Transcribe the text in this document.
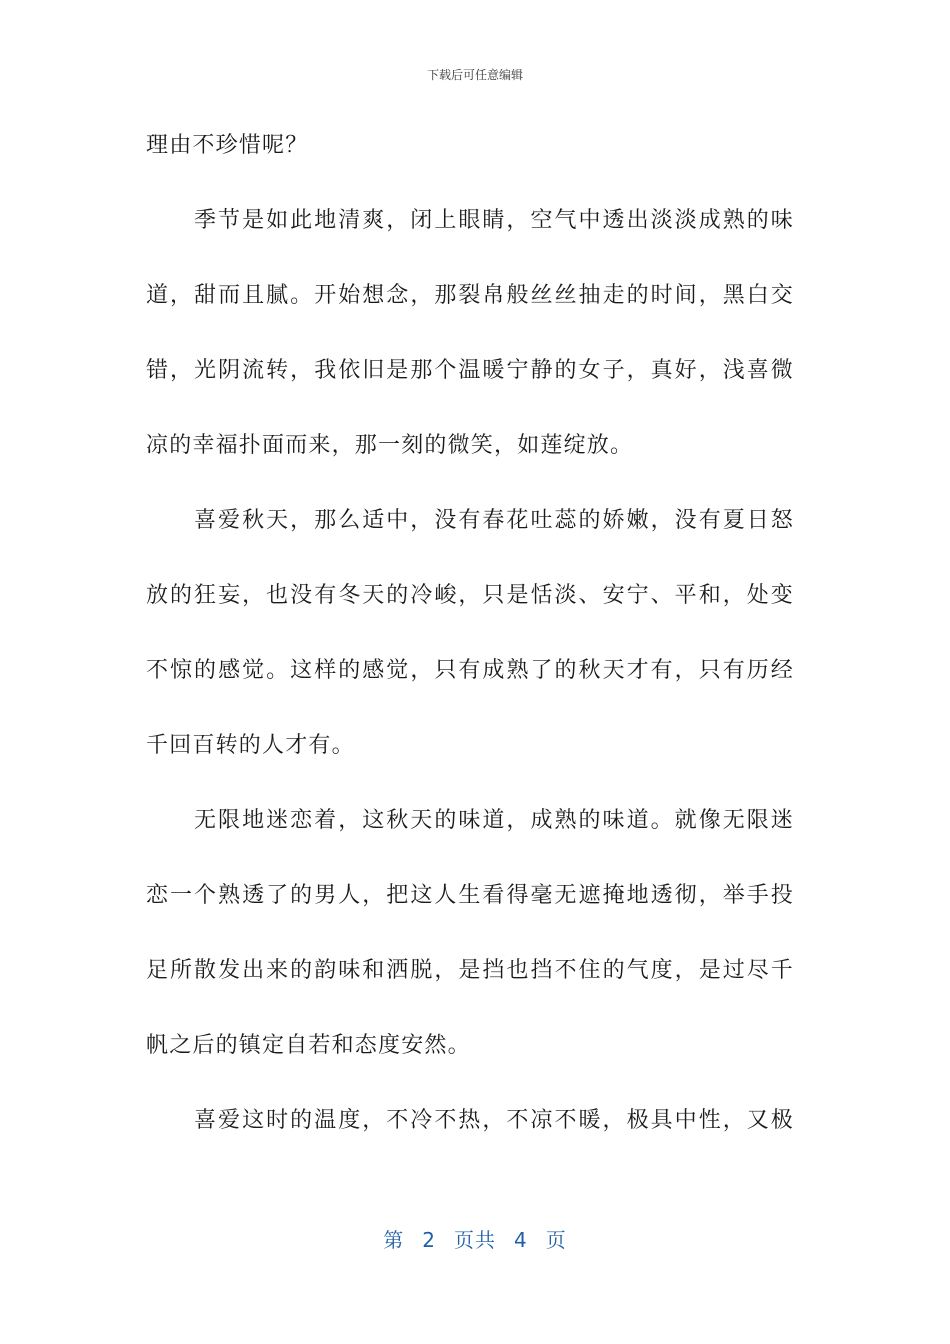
下载后可任意编辑
理由不珍惜呢？
季节是如此地清爽，闭上眼睛，空气中透出淡淡成熟的味
道，甜而且腻。开始想念，那裂帛般丝丝抽走的时间，黑白交
错，光阴流转，我依旧是那个温暖宁静的女子，真好，浅喜微
凉的幸福扑面而来，那一刻的微笑，如莲绽放。
喜爱秋天，那么适中，没有春花吐蕊的娇嫩，没有夏日怒
放的狂妄，也没有冬天的冷峻，只是恬淡、安宁、平和，处变
不惊的感觉。这样的感觉，只有成熟了的秋天才有，只有历经
千回百转的人才有。
无限地迷恋着，这秋天的味道，成熟的味道。就像无限迷
恋一个熟透了的男人，把这人生看得毫无遮掩地透彻，举手投
足所散发出来的韵味和洒脱，是挡也挡不住的气度，是过尽千
帆之后的镇定自若和态度安然。
喜爱这时的温度，不冷不热，不凉不暖，极具中性，又极
第 2 页共 4 页
